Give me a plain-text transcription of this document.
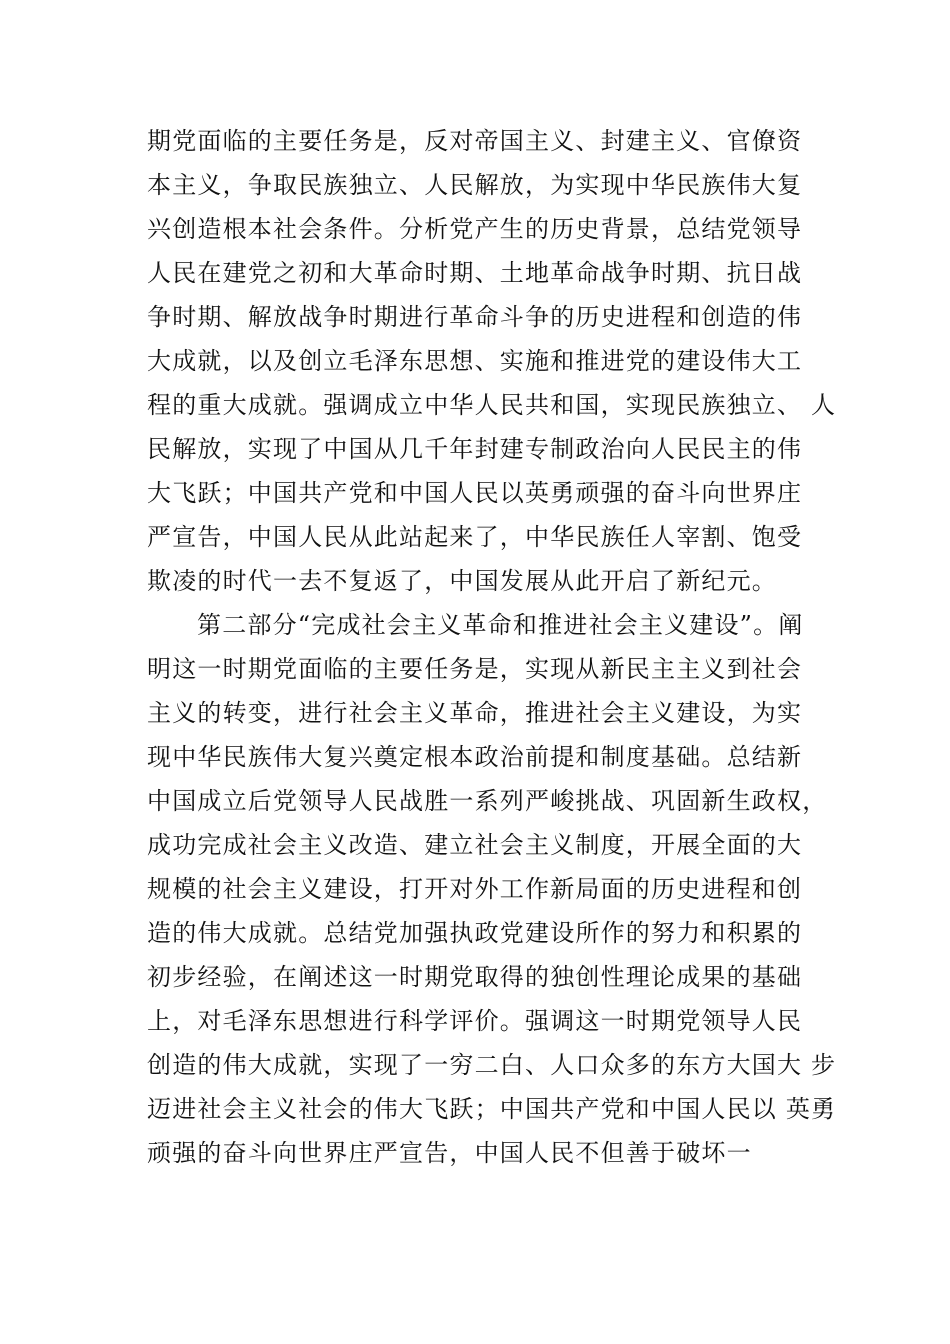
期党面临的主要任务是，反对帝国主义、封建主义、官僚资
本主义，争取民族独立、人民解放，为实现中华民族伟大复
兴创造根本社会条件。分析党产生的历史背景，总结党领导
人民在建党之初和大革命时期、土地革命战争时期、抗日战
争时期、解放战争时期进行革命斗争的历史进程和创造的伟
大成就，以及创立毛泽东思想、实施和推进党的建设伟大工
程的重大成就。强调成立中华人民共和国，实现民族独立、 人
民解放，实现了中国从几千年封建专制政治向人民民主的伟
大飞跃；中国共产党和中国人民以英勇顽强的奋斗向世界庄
严宣告，中国人民从此站起来了，中华民族任人宰割、饱受
欺凌的时代一去不复返了，中国发展从此开启了新纪元。
第二部分“完成社会主义革命和推进社会主义建设”。阐
明这一时期党面临的主要任务是，实现从新民主主义到社会
主义的转变，进行社会主义革命，推进社会主义建设，为实
现中华民族伟大复兴奠定根本政治前提和制度基础。总结新
中国成立后党领导人民战胜一系列严峻挑战、巩固新生政权，
成功完成社会主义改造、建立社会主义制度，开展全面的大
规模的社会主义建设，打开对外工作新局面的历史进程和创
造的伟大成就。总结党加强执政党建设所作的努力和积累的
初步经验，在阐述这一时期党取得的独创性理论成果的基础
上，对毛泽东思想进行科学评价。强调这一时期党领导人民
创造的伟大成就，实现了一穷二白、人口众多的东方大国大 步
迈进社会主义社会的伟大飞跃；中国共产党和中国人民以 英勇
顽强的奋斗向世界庄严宣告，中国人民不但善于破坏一
